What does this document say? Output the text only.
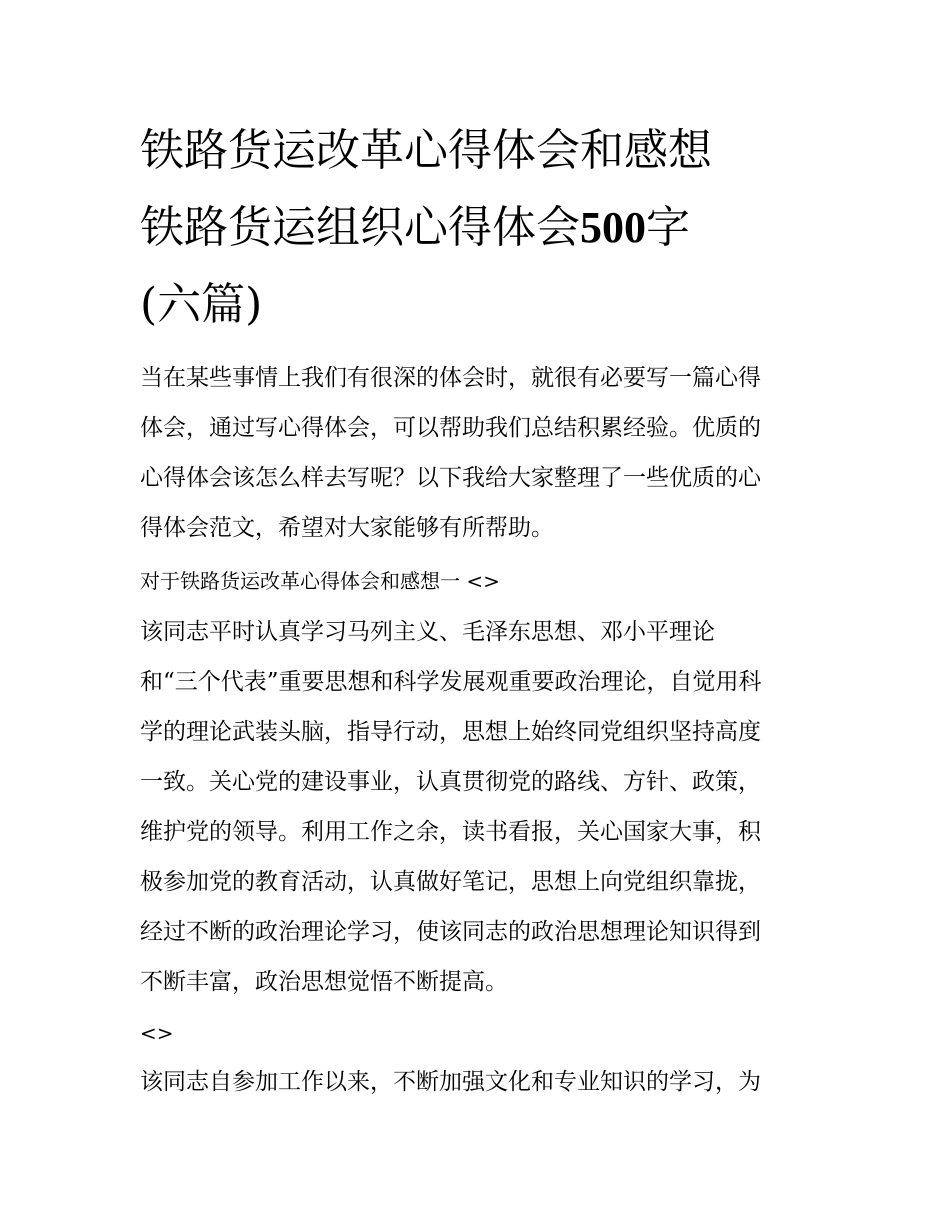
铁路货运改革心得体会和感想
铁路货运组织心得体会500字
(六篇)

当在某些事情上我们有很深的体会时，就很有必要写一篇心得

体会，通过写心得体会，可以帮助我们总结积累经验。优质的

心得体会该怎么样去写呢？以下我给大家整理了一些优质的心

得体会范文，希望对大家能够有所帮助。

对于铁路货运改革心得体会和感想一 <>

该同志平时认真学习马列主义、毛泽东思想、邓小平理论

和“三个代表”重要思想和科学发展观重要政治理论，自觉用科

学的理论武装头脑，指导行动，思想上始终同党组织坚持高度

一致。关心党的建设事业，认真贯彻党的路线、方针、政策，

维护党的领导。利用工作之余，读书看报，关心国家大事，积

极参加党的教育活动，认真做好笔记，思想上向党组织靠拢，

经过不断的政治理论学习，使该同志的政治思想理论知识得到

不断丰富，政治思想觉悟不断提高。

<>

该同志自参加工作以来，不断加强文化和专业知识的学习，为
